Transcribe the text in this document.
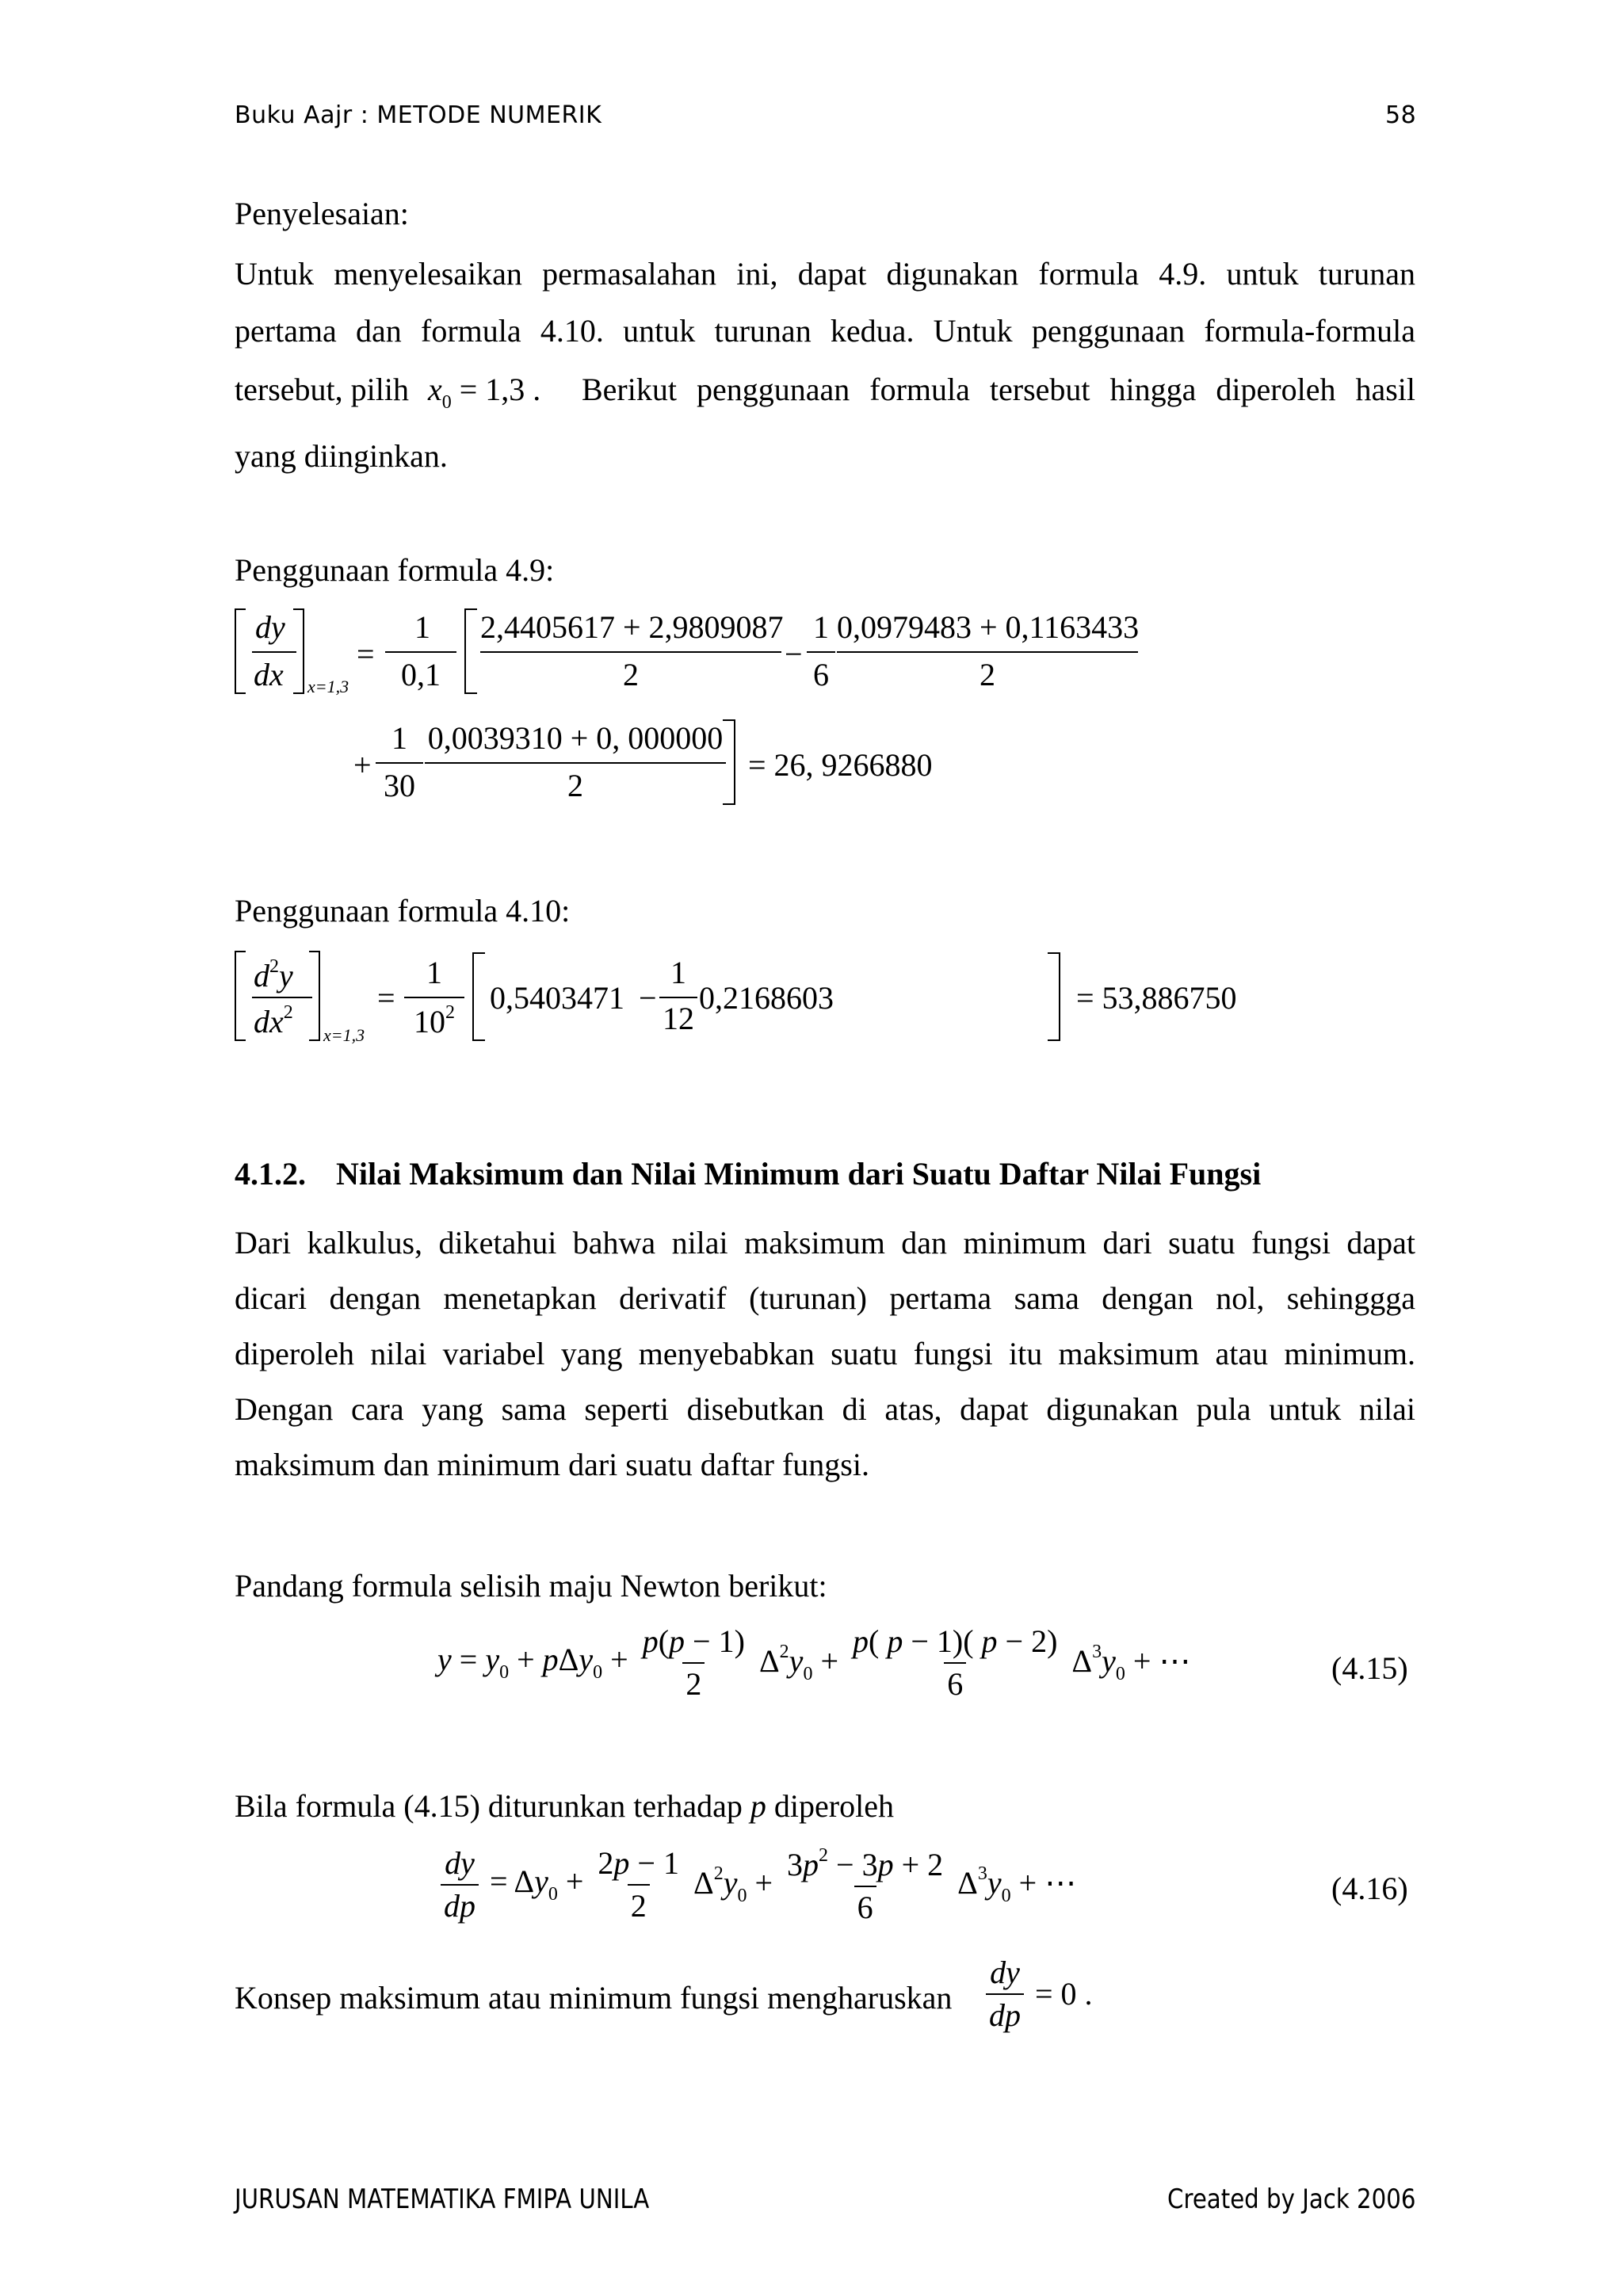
Buku Aajr : METODE NUMERIK	58
Penyelesaian:
Untuk menyelesaikan permasalahan ini, dapat digunakan formula 4.9. untuk turunan
pertama dan formula 4.10. untuk turunan kedua. Untuk penggunaan formula-formula
tersebut, pilih $x_0 = 1,3$ . Berikut penggunaan formula tersebut hingga diperoleh hasil
yang diinginkan.
Penggunaan formula 4.9:
dy
dx x=1,3
=
1
0,1
2,4405617 + 2,9809087
2
−
1
6
0,0979483 + 0,1163433
2
+
1
30
0,0039310 + 0, 000000
2
= 26, 9266880
Penggunaan formula 4.10:
$d^2y$
$dx^2$
x=1,3
=
1
$10^2$	0,5403471 −
1
12
0,2168603	= 53,886750
4.1.2. Nilai Maksimum dan Nilai Minimum dari Suatu Daftar Nilai Fungsi
Dari kalkulus, diketahui bahwa nilai maksimum dan minimum dari suatu fungsi dapat
dicari dengan menetapkan derivatif (turunan) pertama sama dengan nol, sehinggga
diperoleh nilai variabel yang menyebabkan suatu fungsi itu maksimum atau minimum.
Dengan cara yang sama seperti disebutkan di atas, dapat digunakan pula untuk nilai
maksimum dan minimum dari suatu daftar fungsi.
Pandang formula selisih maju Newton berikut:
$y = y_0 + p\Delta y_0 + \frac{p(p - 1)}{2} \Delta^2y_0 + \frac{p( p - 1)( p - 2)}{6} \Delta^3y_0$ + ⋯	(4.15)
Bila formula (4.15) diturunkan terhadap p diperoleh
$\frac{dy}{dp} = \Delta y_0 + \frac{2p - 1}{2} \Delta^2y_0 + \frac{3p^2 - 3p + 2}{6} \Delta^3y_0$ + ⋯	(4.16)
Konsep maksimum atau minimum fungsi mengharuskan $\frac{dy}{dp} = 0$ .
JURUSAN MATEMATIKA FMIPA UNILA	Created by Jack 2006
